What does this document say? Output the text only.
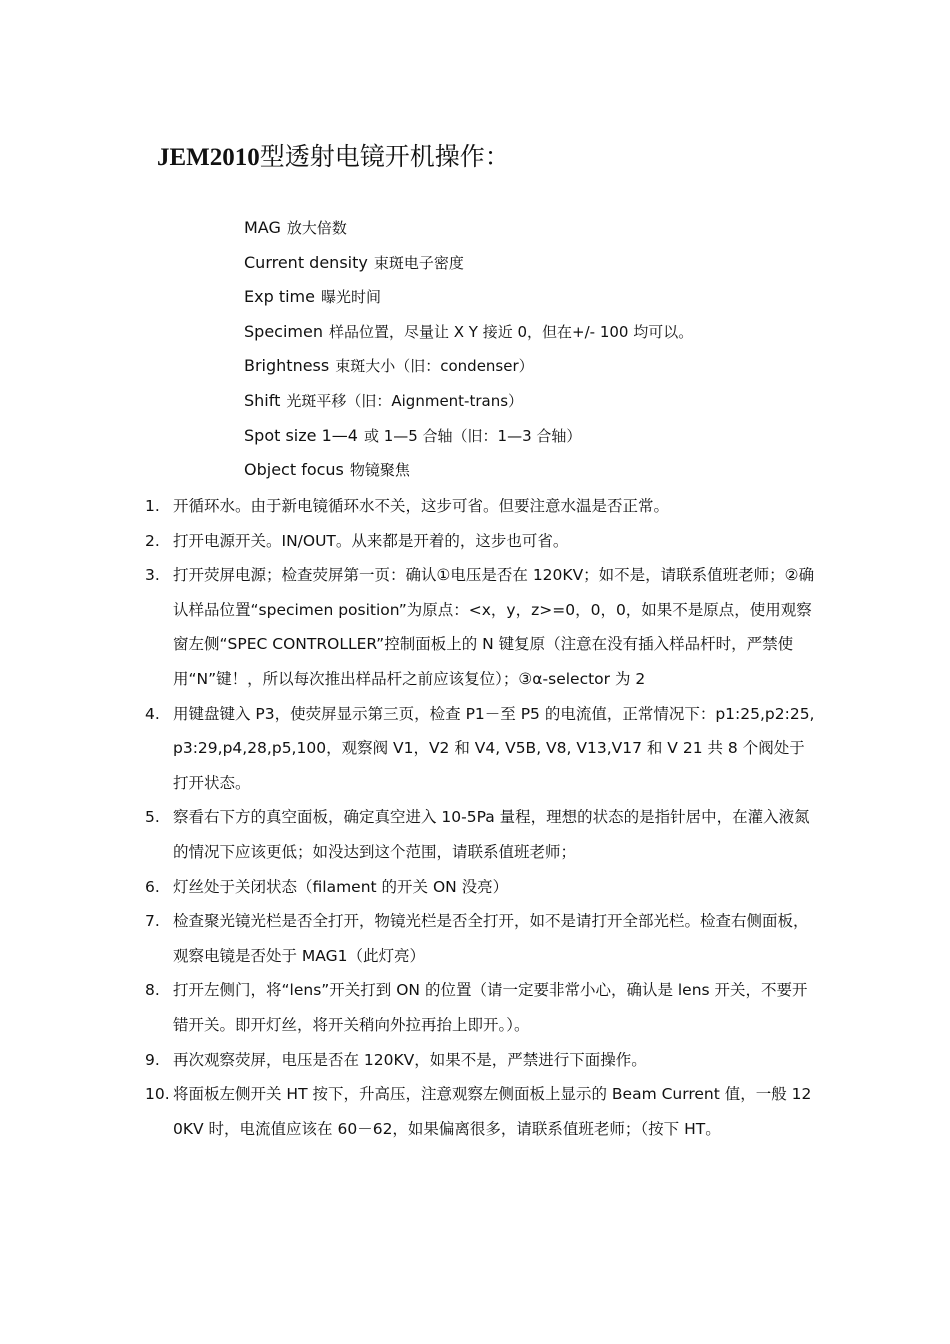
JEM2010型透射电镜开机操作：
MAG 放大倍数
Current density 束斑电子密度
Exp time 曝光时间
Specimen 样品位置，尽量让 X Y 接近 0，但在+/- 100 均可以。
Brightness 束斑大小（旧：condenser）
Shift 光斑平移（旧：Aignment-trans）
Spot size 1—4 或 1—5 合轴（旧：1—3 合轴）
Object focus 物镜聚焦
1. 开循环水。由于新电镜循环水不关，这步可省。但要注意水温是否正常。
2. 打开电源开关。IN/OUT。从来都是开着的，这步也可省。
3. 打开荧屏电源；检查荧屏第一页：确认①电压是否在 120KV；如不是，请联系值班老师；②确认样品位置“specimen position”为原点：<x，y，z>=0，0，0，如果不是原点，使用观察窗左侧“SPEC CONTROLLER”控制面板上的 N 键复原（注意在没有插入样品杆时，严禁使用“N”键！，所以每次推出样品杆之前应该复位）；③α-selector 为 2
4. 用键盘键入 P3，使荧屏显示第三页，检查 P1－至 P5 的电流值，正常情况下：p1:25,p2:25,p3:29,p4,28,p5,100，观察阀 V1，V2 和 V4, V5B, V8, V13,V17 和 V 21 共 8 个阀处于打开状态。
5. 察看右下方的真空面板，确定真空进入 10-5Pa 量程，理想的状态的是指针居中，在灌入液氮的情况下应该更低；如没达到这个范围，请联系值班老师；
6. 灯丝处于关闭状态（filament 的开关 ON 没亮）
7. 检查聚光镜光栏是否全打开，物镜光栏是否全打开，如不是请打开全部光栏。检查右侧面板，观察电镜是否处于 MAG1（此灯亮）
8. 打开左侧门，将“lens”开关打到 ON 的位置（请一定要非常小心，确认是 lens 开关，不要开错开关。即开灯丝，将开关稍向外拉再抬上即开。）。
9. 再次观察荧屏，电压是否在 120KV，如果不是，严禁进行下面操作。
10. 将面板左侧开关 HT 按下，升高压，注意观察左侧面板上显示的 Beam Current 值，一般 120KV 时，电流值应该在 60－62，如果偏离很多，请联系值班老师；（按下 HT。
